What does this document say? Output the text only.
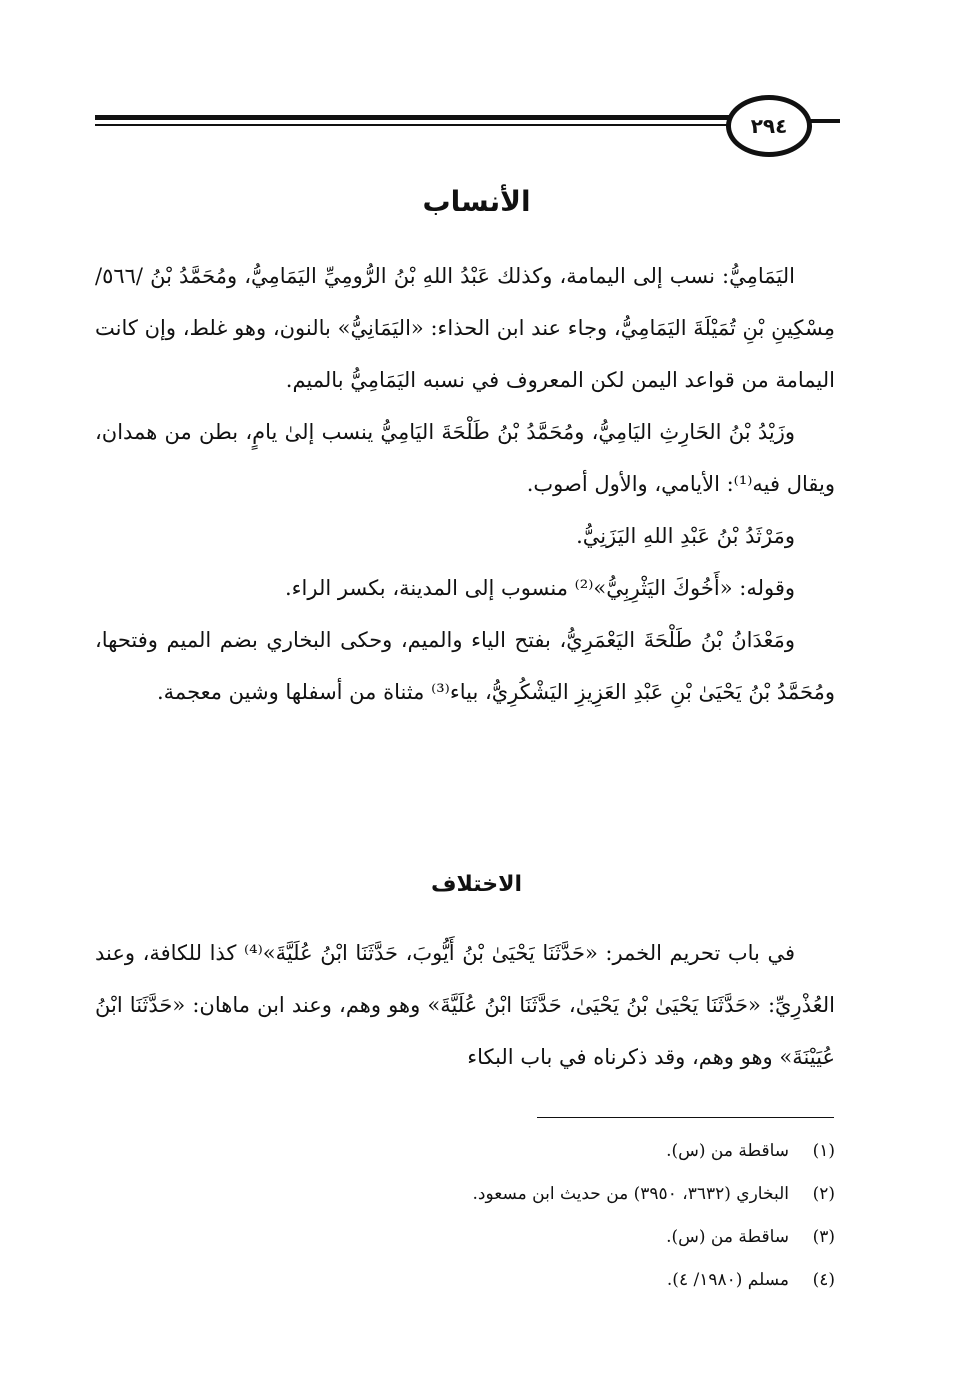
٢٩٤
الأنساب

اليَمَامِيُّ: نسب إلى اليمامة، وكذلك عَبْدُ اللهِ بْنُ الرُّومِيِّ اليَمَامِيُّ، ومُحَمَّدُ بْنُ /٥٦٦/ مِسْكِينِ بْنِ تُمَيْلَةَ اليَمَامِيُّ، وجاء عند ابن الحذاء: «اليَمَانِيُّ» بالنون، وهو غلط، وإن كانت اليمامة من قواعد اليمن لكن المعروف في نسبه اليَمَامِيُّ بالميم.

وزَيْدُ بْنُ الحَارِثِ اليَامِيُّ، ومُحَمَّدُ بْنُ طَلْحَةَ اليَامِيُّ ينسب إلىٰ يامٍ، بطن من همدان، ويقال فيه⁽¹⁾: الأيامي، والأول أصوب.

ومَرْثَدُ بْنُ عَبْدِ اللهِ اليَزَنِيُّ.

وقوله: «أَخُوكَ اليَثْرِبِيُّ»⁽²⁾ منسوب إلى المدينة، بكسر الراء.

ومَعْدَانُ بْنُ طَلْحَةَ اليَعْمَرِيُّ، بفتح الياء والميم، وحكى البخاري بضم الميم وفتحها، ومُحَمَّدُ بْنُ يَحْيَىٰ بْنِ عَبْدِ العَزِيزِ اليَشْكُرِيُّ، بياء⁽³⁾ مثناة من أسفلها وشين معجمة.

الاختلاف

في باب تحريم الخمر: «حَدَّثَنَا يَحْيَىٰ بْنُ أَيُّوبَ، حَدَّثَنَا ابْنُ عُلَيَّةَ»⁽⁴⁾ كذا للكافة، وعند العُذْرِيِّ: «حَدَّثَنَا يَحْيَىٰ بْنُ يَحْيَىٰ، حَدَّثَنَا ابْنُ عُلَيَّةَ» وهو وهم، وعند ابن ماهان: «حَدَّثَنَا ابْنُ عُيَيْنَةَ» وهو وهم، وقد ذكرناه في باب البكاء

(١)
ساقطة من (س).
(٢)
البخاري (٣٦٣٢، ٣٩٥٠) من حديث ابن مسعود.
(٣)
ساقطة من (س).
(٤)
مسلم (١٩٨٠/ ٤).
